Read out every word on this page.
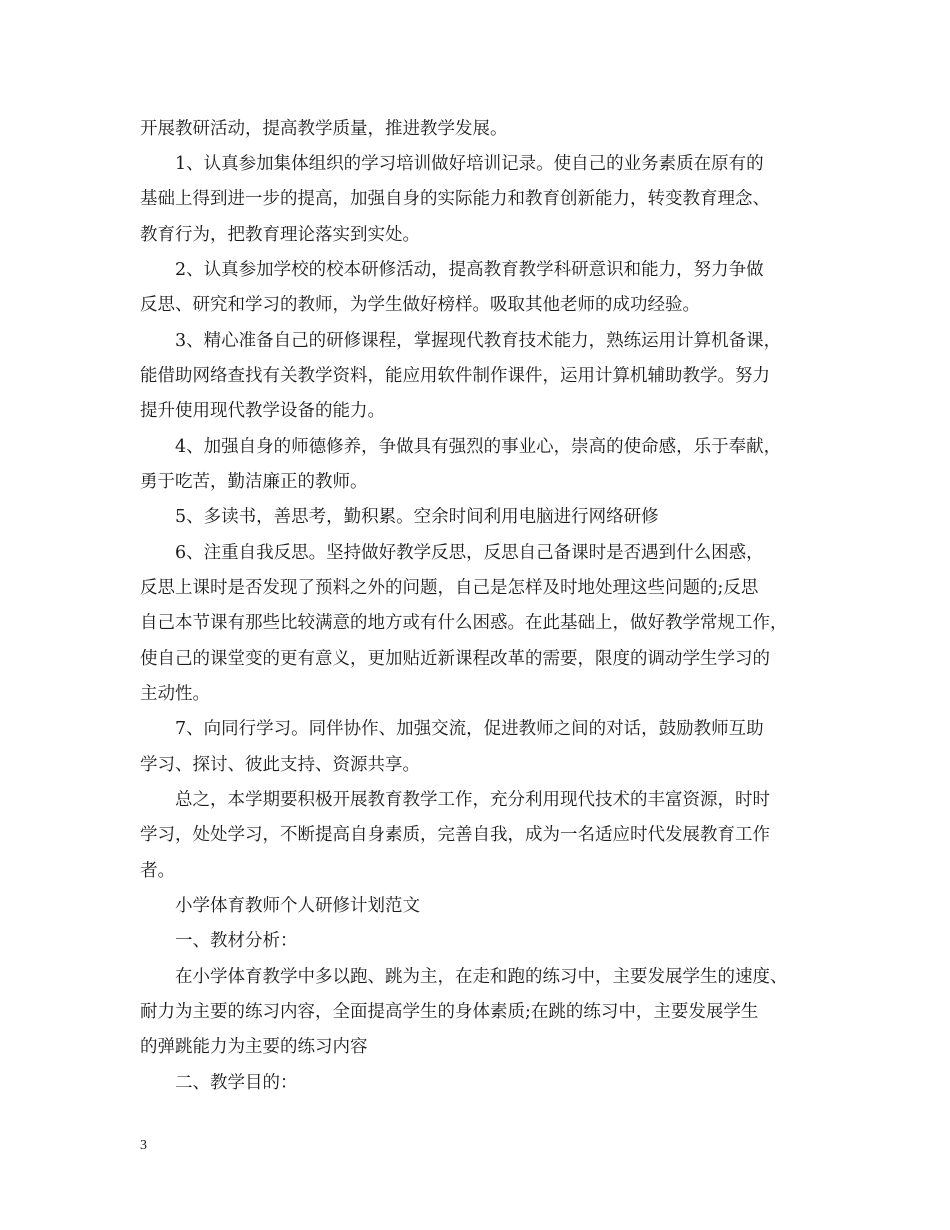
开展教研活动，提高教学质量，推进教学发展。
1、认真参加集体组织的学习培训做好培训记录。使自己的业务素质在原有的
基础上得到进一步的提高，加强自身的实际能力和教育创新能力，转变教育理念、
教育行为，把教育理论落实到实处。
2、认真参加学校的校本研修活动，提高教育教学科研意识和能力，努力争做
反思、研究和学习的教师，为学生做好榜样。吸取其他老师的成功经验。
3、精心准备自己的研修课程，掌握现代教育技术能力，熟练运用计算机备课，
能借助网络查找有关教学资料，能应用软件制作课件，运用计算机辅助教学。努力
提升使用现代教学设备的能力。
4、加强自身的师德修养，争做具有强烈的事业心，崇高的使命感，乐于奉献，
勇于吃苦，勤洁廉正的教师。
5、多读书，善思考，勤积累。空余时间利用电脑进行网络研修
6、注重自我反思。坚持做好教学反思，反思自己备课时是否遇到什么困惑，
反思上课时是否发现了预料之外的问题，自己是怎样及时地处理这些问题的;反思
自己本节课有那些比较满意的地方或有什么困惑。在此基础上，做好教学常规工作，
使自己的课堂变的更有意义，更加贴近新课程改革的需要，限度的调动学生学习的
主动性。
7、向同行学习。同伴协作、加强交流，促进教师之间的对话，鼓励教师互助
学习、探讨、彼此支持、资源共享。
总之，本学期要积极开展教育教学工作，充分利用现代技术的丰富资源，时时
学习，处处学习，不断提高自身素质，完善自我，成为一名适应时代发展教育工作
者。
小学体育教师个人研修计划范文
一、教材分析：
在小学体育教学中多以跑、跳为主，在走和跑的练习中，主要发展学生的速度、
耐力为主要的练习内容，全面提高学生的身体素质;在跳的练习中，主要发展学生
的弹跳能力为主要的练习内容
二、教学目的：
3
